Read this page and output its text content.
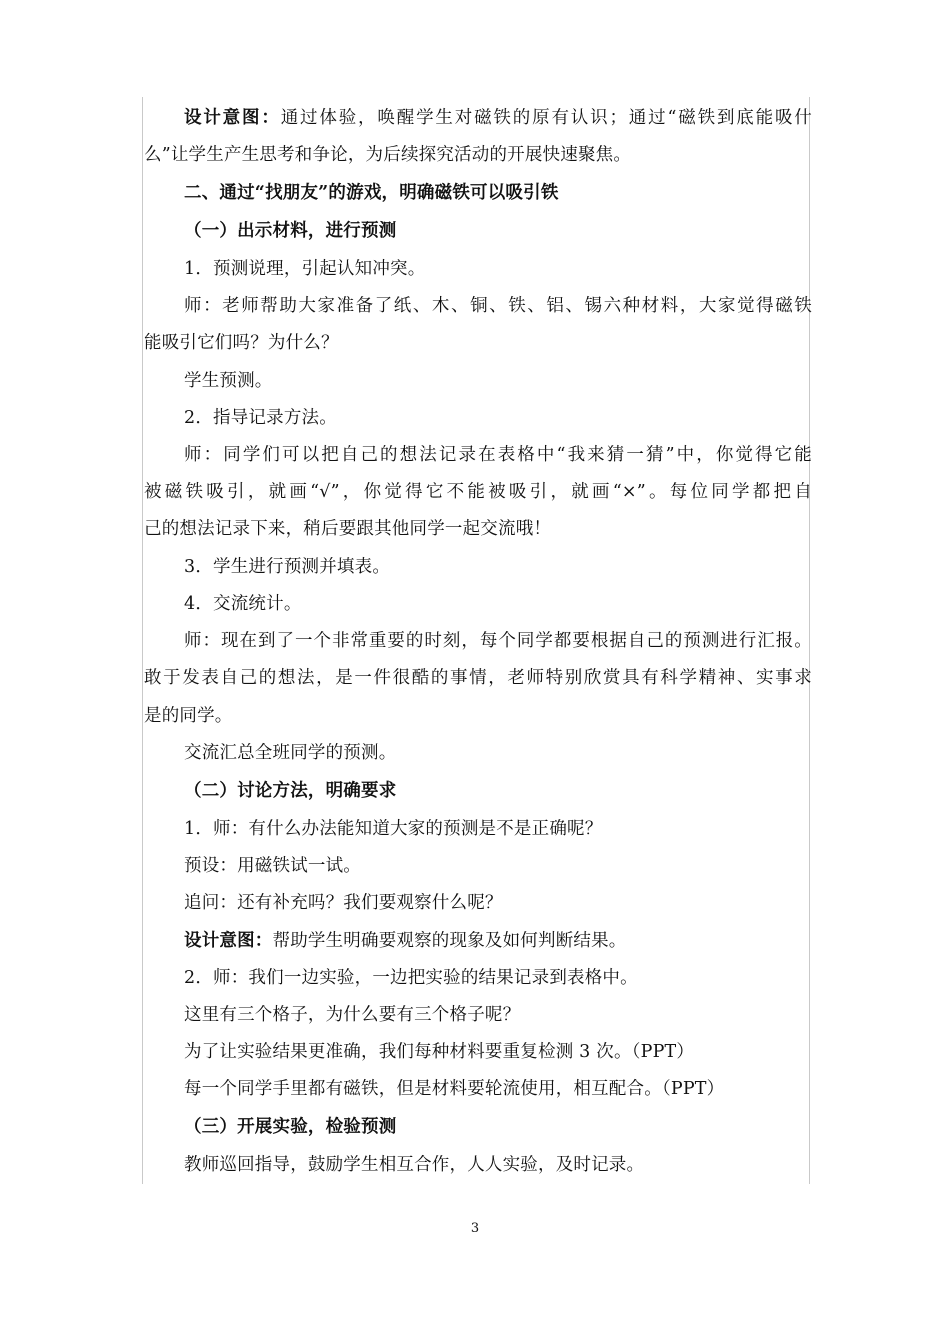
设计意图：通过体验，唤醒学生对磁铁的原有认识；通过“磁铁到底能吸什
么”让学生产生思考和争论，为后续探究活动的开展快速聚焦。
二、通过“找朋友”的游戏，明确磁铁可以吸引铁
（一）出示材料，进行预测
1．预测说理，引起认知冲突。
师：老师帮助大家准备了纸、木、铜、铁、铝、锡六种材料，大家觉得磁铁
能吸引它们吗？为什么？
学生预测。
2．指导记录方法。
师：同学们可以把自己的想法记录在表格中“我来猜一猜”中，你觉得它能
被磁铁吸引，就画“√”，你觉得它不能被吸引，就画“×”。每位同学都把自
己的想法记录下来，稍后要跟其他同学一起交流哦！
3．学生进行预测并填表。
4．交流统计。
师：现在到了一个非常重要的时刻，每个同学都要根据自己的预测进行汇报。
敢于发表自己的想法，是一件很酷的事情，老师特别欣赏具有科学精神、实事求
是的同学。
交流汇总全班同学的预测。
（二）讨论方法，明确要求
1．师：有什么办法能知道大家的预测是不是正确呢？
预设：用磁铁试一试。
追问：还有补充吗？我们要观察什么呢？
设计意图：帮助学生明确要观察的现象及如何判断结果。
2．师：我们一边实验，一边把实验的结果记录到表格中。
这里有三个格子，为什么要有三个格子呢？
为了让实验结果更准确，我们每种材料要重复检测 3 次。（PPT）
每一个同学手里都有磁铁，但是材料要轮流使用，相互配合。（PPT）
（三）开展实验，检验预测
教师巡回指导，鼓励学生相互合作，人人实验，及时记录。
3
